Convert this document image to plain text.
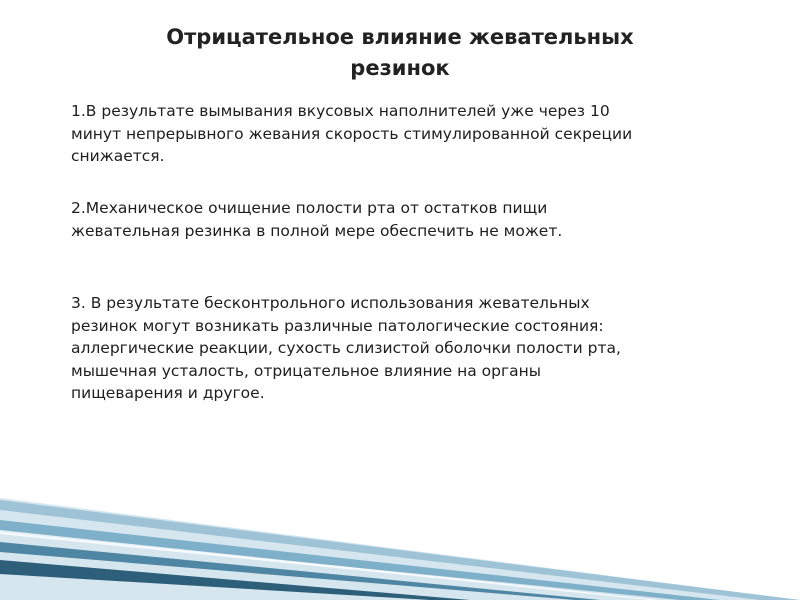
Отрицательное влияние жевательных
резинок

1.В результате вымывания вкусовых наполнителей уже через 10
минут непрерывного жевания скорость стимулированной секреции
снижается.

2.Механическое очищение полости рта от остатков пищи
жевательная резинка в полной мере обеспечить не может.

3. В результате бесконтрольного использования жевательных
резинок могут возникать различные патологические состояния:
аллергические реакции, сухость слизистой оболочки полости рта,
мышечная усталость, отрицательное влияние на органы
пищеварения и другое.
